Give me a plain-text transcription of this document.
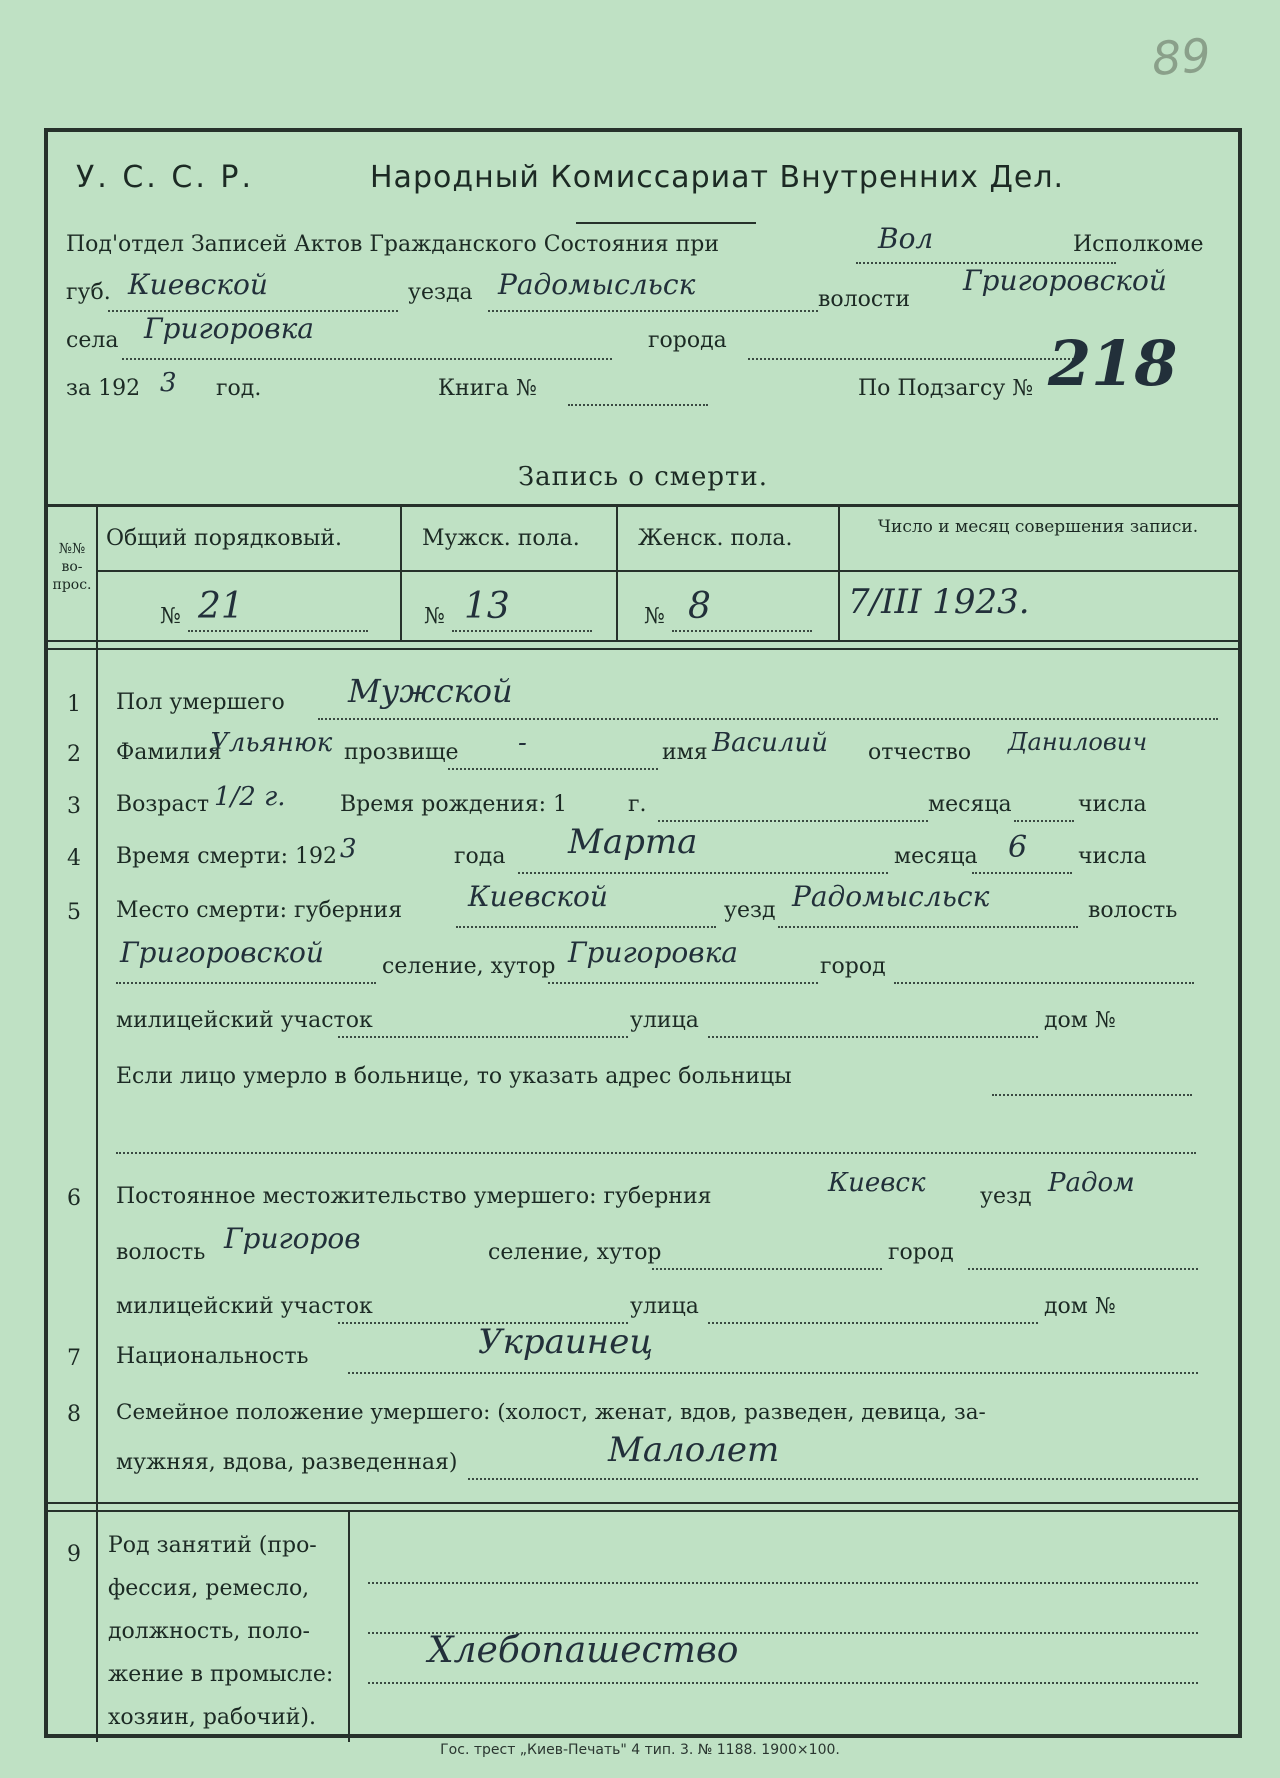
89
У. С. С. Р.	Народный Комиссариат Внутренних Дел.
Под'отдел Записей Актов Гражданского Состояния при	Вол	Исполкоме
губ. Киевской	уезда Радомысльск	волости
Григоровской
села Григоровка	города
за 192 3 год.	Книга №	По Подзагсу № 218
Запись о смерти.
№№ во- прос.
Общий порядковый.	Мужск. пола.	Женск. пола.	Число и месяц совершения записи.
№ 21	№ 13	№ 8	7/III 1923.
1 Пол умершего Мужской
2 Фамилия
Ульянюк прозвище -	имя Василий отчество Данилович
3 Возраст 1/2 г. Время рождения: 1	г.	месяца	числа
4 Время смерти: 192 3	года Марта	месяца 6 числа
5 Место смерти: губерния Киевской	уезд Радомысльск	волость
Григоровской	селение, хутор Григоровка	город
милицейский участок	улица	дом №
Если лицо умерло в больнице, то указать адрес больницы
6 Постоянное местожительство умершего: губерния	Киевск уезд Радом
волость Григоров	селение, хутор	город
милицейский участок	улица	дом №
7 Национальность	Украинец
8 Семейное положение умершего: (холост, женат, вдов, разведен, девица, за-
мужняя, вдова, разведенная)	Малолет
9 Род занятий (про-
фессия, ремесло,
должность, поло-
жение в промысле:
хозяин, рабочий).
Хлебопашество
Гос. трест „Киев-Печать" 4 тип. 3. № 1188. 1900×100.
